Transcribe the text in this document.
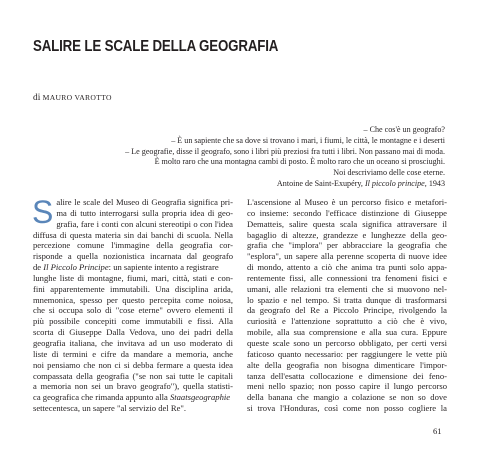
SALIRE LE SCALE DELLA GEOGRAFIA
di MAURO VAROTTO
– Che cos'è un geografo?
– È un sapiente che sa dove si trovano i mari, i fiumi, le città, le montagne e i deserti
– Le geografie, disse il geografo, sono i libri più preziosi fra tutti i libri. Non passano mai di moda.
È molto raro che una montagna cambi di posto. È molto raro che un oceano si prosciughi.
Noi descriviamo delle cose eterne.
Antoine de Saint-Exupéry, Il piccolo principe, 1943
S alire le scale del Museo di Geografia significa pri-
ma di tutto interrogarsi sulla propria idea di geo-
grafia, fare i conti con alcuni stereotipi o con l'idea
diffusa di questa materia sin dai banchi di scuola. Nella
percezione comune l'immagine della geografia cor-
risponde a quella nozionistica incarnata dal geografo
de Il Piccolo Principe: un sapiente intento a registrare
lunghe liste di montagne, fiumi, mari, città, stati e con-
fini apparentemente immutabili. Una disciplina arida,
mnemonica, spesso per questo percepita come noiosa,
che si occupa solo di "cose eterne" ovvero elementi il
più possibile concepiti come immutabili e fissi. Alla
scorta di Giuseppe Dalla Vedova, uno dei padri della
geografia italiana, che invitava ad un uso moderato di
liste di termini e cifre da mandare a memoria, anche
noi pensiamo che non ci si debba fermare a questa idea
compassata della geografia ("se non sai tutte le capitali
a memoria non sei un bravo geografo"), quella statisti-
ca geografica che rimanda appunto alla Staatsgeographie
settecentesca, un sapere "al servizio del Re".
L'ascensione al Museo è un percorso fisico e metafori-
co insieme: secondo l'efficace distinzione di Giuseppe
Dematteis, salire questa scala significa attraversare il
bagaglio di altezze, grandezze e lunghezze della geo-
grafia che "implora" per abbracciare la geografia che
"esplora", un sapere alla perenne scoperta di nuove idee
di mondo, attento a ciò che anima tra punti solo appa-
rentemente fissi, alle connessioni tra fenomeni fisici e
umani, alle relazioni tra elementi che si muovono nel-
lo spazio e nel tempo. Si tratta dunque di trasformarsi
da geografo del Re a Piccolo Principe, rivolgendo la
curiosità e l'attenzione soprattutto a ciò che è vivo,
mobile, alla sua comprensione e alla sua cura. Eppure
queste scale sono un percorso obbligato, per certi versi
faticoso quanto necessario: per raggiungere le vette più
alte della geografia non bisogna dimenticare l'impor-
tanza dell'esatta collocazione e dimensione dei feno-
meni nello spazio; non posso capire il lungo percorso
della banana che mangio a colazione se non so dove
si trova l'Honduras, così come non posso cogliere la
61
